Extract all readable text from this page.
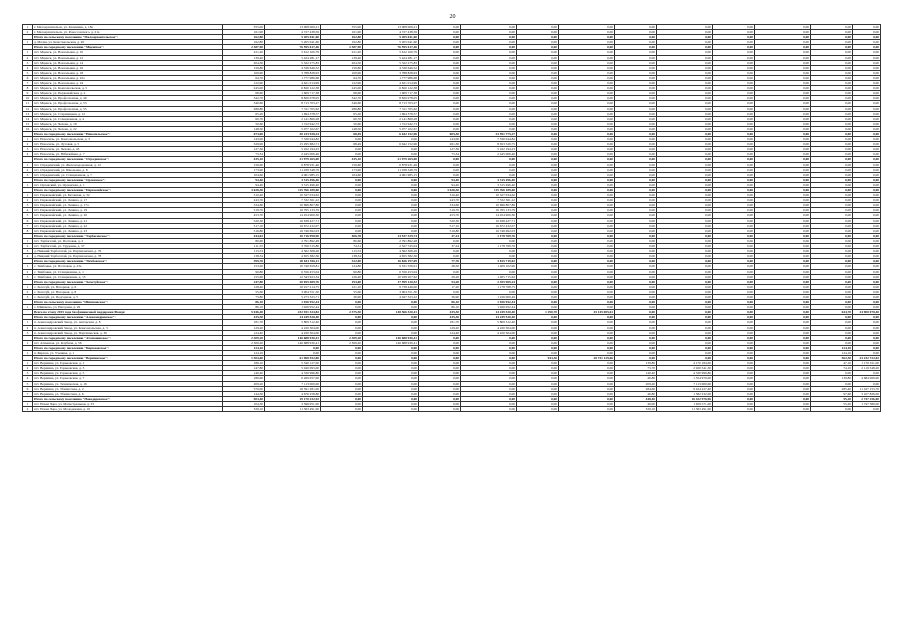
20
1	г. Малоархангельск, ул. Калинина, д. 18а	355,00	13 008 006,21	355,00	13 008 006,21	0,00	0,00	0,00	0,00	0,00	0,00	0,00	0,00	0,00	0,00
2	г. Малоархангельск, ул. Рокоссовского, д. 21а	161,90	4 727 438,59	161,90	4 727 438,59	0,00	0,00	0,00	0,00	0,00	0,00	0,00	0,00	0,00	0,00
	Итого по сельскому поселению "Малоархангельское":	162,80	5 205 041,60	162,80	5 205 041,60	0,00	0,00	0,00	0,00	0,00	0,00	0,00	0,00	0,00	0,00
1	д. Малая, ул. Комсомольская, д. 20	162,80	5 205 041,60	162,80	5 205 041,60	0,00	0,00	0,00	0,00	0,00	0,00	0,00	0,00	0,00	0,00
	Итого по городскому поселению "Мценское":	2 387,90	76 595 617,46	2 387,90	76 595 617,46	0,00	0,00	0,00	0,00	0,00	0,00	0,00	0,00	0,00	0,00
1	пгт. Мценск, ул. Вокзальная, д. 10	221,20	5 612 100,79	221,20	5 612 100,79	0,00	0,00	0,00	0,00	0,00	0,00	0,00	0,00	0,00	0,00
2	пгт. Мценск, ул. Вокзальная, д. 12	139,40	5 424 281,17	139,40	5 424 281,17	0,00	0,00	0,00	0,00	0,00	0,00	0,00	0,00	0,00	0,00
3	пгт. Мценск, ул. Вокзальная, д. 14	204,50	5 322 275,83	204,50	5 322 275,83	0,00	0,00	0,00	0,00	0,00	0,00	0,00	0,00	0,00	0,00
4	пгт. Мценск, ул. Вокзальная, д. 16	156,80	4 336 649,52	156,80	4 336 649,52	0,00	0,00	0,00	0,00	0,00	0,00	0,00	0,00	0,00	0,00
5	пгт. Мценск, ул. Вокзальная, д. 18	100,90	3 788 828,93	100,90	3 788 828,93	0,00	0,00	0,00	0,00	0,00	0,00	0,00	0,00	0,00	0,00
6	пгт. Мценск, ул. Вокзальная, д. 22а	64,70	1 777 986,68	64,70	1 777 986,68	0,00	0,00	0,00	0,00	0,00	0,00	0,00	0,00	0,00	0,00
7	пгт. Мценск, ул. Вокзальная, д. 24	122,90	4 621 014,99	122,90	4 621 014,99	0,00	0,00	0,00	0,00	0,00	0,00	0,00	0,00	0,00	0,00
8	пгт. Мценск, ул. Комсомольская, д. 5	245,00	6 820 122,38	245,00	6 820 122,38	0,00	0,00	0,00	0,00	0,00	0,00	0,00	0,00	0,00	0,00
9	пгт. Мценск, ул. Первомайская, д. 2	68,60	1 609 717,38	68,60	1 609 717,38	0,00	0,00	0,00	0,00	0,00	0,00	0,00	0,00	0,00	0,00
10	пгт. Мценск, ул. Профсоюзная, д. 49	342,70	8 820 078,05	342,70	8 820 078,05	0,00	0,00	0,00	0,00	0,00	0,00	0,00	0,00	0,00	0,00
11	пгт. Мценск, ул. Профсоюзная, д. 53	340,60	8 713 703,27	340,60	8 713 703,27	0,00	0,00	0,00	0,00	0,00	0,00	0,00	0,00	0,00	0,00
12	пгт. Мценск, ул. Профсоюзная, д. 55	286,80	7 311 705,62	286,80	7 311 705,62	0,00	0,00	0,00	0,00	0,00	0,00	0,00	0,00	0,00	0,00
13	пгт. Мценск, ул. Старинецкая, д. 12	65,20	1 694 378,57	65,20	1 694 378,57	0,00	0,00	0,00	0,00	0,00	0,00	0,00	0,00	0,00	0,00
14	пгт. Мценск, ул. Станционная, д. 4	60,70	2 141 869,28	60,70	2 141 869,28	0,00	0,00	0,00	0,00	0,00	0,00	0,00	0,00	0,00	0,00
15	пгт. Мценск, ул. Чехова, д. 18	50,60	1 722 942,73	50,60	1 722 942,73	0,00	0,00	0,00	0,00	0,00	0,00	0,00	0,00	0,00	0,00
16	пгт. Мценск, ул. Чехова, д. 22	148,50	5 077 102,67	148,50	5 077 102,67	0,00	0,00	0,00	0,00	0,00	0,00	0,00	0,00	0,00	0,00
	Итого по городскому поселению "Новосильское":	673,60	30 233 928,23	68,49	6 642 152,96	605,30	23 591 775,27	0,00	0,00	0,00	0,00	0,00	0,00	0,00	0,00
1	пгт. Новосиль, ул. Комсомольская, д. 3	143,00	7 330 044,82	0,00	0,00	143,00	7 330 044,82	0,00	0,00	0,00	0,00	0,00	0,00	0,00	0,00
2	пгт. Новосиль, ул. Луговая, д. 5	329,90	15 295 682,71	68,49	6 642 152,96	261,30	8 653 529,75	0,00	0,00	0,00	0,00	0,00	0,00	0,00	0,00
3	пгт. Новосиль, ул. Чехова, д. 43	127,36	5 162 194,23	0,00	0,00	127,36	5 162 194,23	0,00	0,00	0,00	0,00	0,00	0,00	0,00	0,00
4	пгт. Новосиль, ул. Юбилейная, д. 7	73,34	2 445 006,46	0,00	0,00	73,34	2 445 006,46	0,00	0,00	0,00	0,00	0,00	0,00	0,00	0,00
	Итого по городскому поселению "Отрадинское":	435,10	21 979 265,00	435,10	21 979 265,00	0,00	0,00	0,00	0,00	0,00	0,00	0,00	0,00	0,00	0,00
1	пгт. Отрадинский, ул. Железнодорожная, д. 12	156,60	6 878 931,46	156,60	6 878 931,46	0,00	0,00	0,00	0,00	0,00	0,00	0,00	0,00	0,00	0,00
2	пгт. Отрадинский, ул. Школьная, д. 8	173,90	11 038 348,79	173,90	11 038 348,79	0,00	0,00	0,00	0,00	0,00	0,00	0,00	0,00	0,00	0,00
3	пгт. Отрадинский, ул. Станционная, д. 7	104,60	4 061 985,15	104,60	4 061 985,15	0,00	0,00	0,00	0,00	0,00	0,00	0,00	0,00	0,00	0,00
	Итого по городскому поселению "Орловское":	94,40	3 315 496,40	0,00	0,00	94,40	3 315 496,40	0,00	0,00	0,00	0,00	0,00	0,00	0,00	0,00
1	пгт. Орловский, ул. Орловская, д. 1	94,40	3 315 496,40	0,00	0,00	94,40	3 315 496,40	0,00	0,00	0,00	0,00	0,00	0,00	0,00	0,00
	Итого по городскому поселению "Первомайское":	3 628,30	115 766 189,60	0,00	0,00	3 628,30	115 766 189,60	0,00	0,00	0,00	0,00	0,00	0,00	0,00	0,00
1	пгт. Первомайский, ул. Бетонная, д. 32	310,40	10 327 034,62	0,00	0,00	310,40	10 327 034,62	0,00	0,00	0,00	0,00	0,00	0,00	0,00	0,00
2	пгт. Первомайский, ул. Ленина, д. 17	243,70	7 532 361,22	0,00	0,00	243,70	7 532 361,22	0,00	0,00	0,00	0,00	0,00	0,00	0,00	0,00
3	пгт. Первомайский, ул. Ленина, д. 17а	334,60	10 696 807,86	0,00	0,00	334,60	10 696 807,86	0,00	0,00	0,00	0,00	0,00	0,00	0,00	0,00
4	пгт. Первомайский, ул. Ленина, д. 19	519,70	16 765 133,79	0,00	0,00	519,70	16 765 133,79	0,00	0,00	0,00	0,00	0,00	0,00	0,00	0,00
5	пгт. Первомайский, ул. Ленина, д. 20	453,70	14 454 900,30	0,00	0,00	453,70	14 454 900,30	0,00	0,00	0,00	0,00	0,00	0,00	0,00	0,00
6	пгт. Первомайский, ул. Ленина, д. 21	520,30	16 638 427,71	0,00	0,00	520,30	16 638 427,71	0,00	0,00	0,00	0,00	0,00	0,00	0,00	0,00
7	пгт. Первомайский, ул. Ленина, д. 22	517,10	16 672 432,07	0,00	0,00	517,10	16 672 432,07	0,00	0,00	0,00	0,00	0,00	0,00	0,00	0,00
8	пгт. Первомайский, ул. Ленина, д. 23	516,80	16 746 692,03	0,00	0,00	516,80	16 746 692,03	0,00	0,00	0,00	0,00	0,00	0,00	0,00	0,00
	Итого по городскому поселению "Тарбаговское":	444,02	16 716 098,90	406,78	14 537 329,74	37,24	1 178 769,76	0,00	0,00	0,00	0,00	0,00	0,00	0,00	0,00
1	пгт. Тарбагатай, ул. Почтовая, д. 2	80,60	2 791 892,48	80,60	2 791 892,48	0,00	0,00	0,00	0,00	0,00	0,00	0,00	0,00	0,00	0,00
2	пгт. Тарбагатай, ул. Трудовая, д. 37	111,55	3 706 515,80	74,31	2 527 745,04	37,24	1 178 769,76	0,00	0,00	0,00	0,00	0,00	0,00	0,00	0,00
3	д. Нижний Тарбагатай, ул. Партизанская, д. 76	113,53	4 562 308,26	113,53	4 562 308,26	0,00	0,00	0,00	0,00	0,00	0,00	0,00	0,00	0,00	0,00
4	д. Нижний Тарбагатай, ул. Партизанская, д. 78	138,34	4 655 382,36	138,34	4 655 382,36	0,00	0,00	0,00	0,00	0,00	0,00	0,00	0,00	0,00	0,00
	Итого по городскому поселению "Тимбовское":	399,70	20 641 916,11	322,00	16 826 197,09	77,70	3 815 719,02	0,00	0,00	0,00	0,00	0,00	0,00	0,00	0,00
1	с. Тимбовка, ул. Почтовая, д. 23а	153,20	10 740 659,81	124,80	9 331 556,91	28,50	1 409 102,90	0,00	0,00	0,00	0,00	0,00	0,00	0,00	0,00
2	с. Тимбовка, ул. Станционная, д. 1	90,80	6 556 453,04	90,80	6 556 453,04	0,00	0,00	0,00	0,00	0,00	0,00	0,00	0,00	0,00	0,00
3	с. Тимбовка, ул. Станционная, д. 13	155,60	12 343 923,34	126,40	10 938 207,62	29,20	1 405 715,62	0,00	0,00	0,00	0,00	0,00	0,00	0,00	0,00
	Итого по городскому поселению "Хохотуйское":	247,80	20 055 089,76	193,60	17 599 120,52	54,20	2 455 969,24	0,00	0,00	0,00	0,00	0,00	0,00	0,00	0,00
1	с. Хохотуй, ул. Нагорная, д. 6	128,40	10 917 214,75	121,10	9 738 446,00	17,20	1 178 768,75	0,00	0,00	0,00	0,00	0,00	0,00	0,00	0,00
2	с. Хохотуй, ул. Нагорная, д. 8	55,60	3 904 551,30	55,60	3 904 551,30	0,00	0,00	0,00	0,00	0,00	0,00	0,00	0,00	0,00	0,00
3	с. Хохотуй, ул. Подгорная, д. 5	73,80	5 273 323,71	36,90	4 047 323,22	36,90	1 226 000,49	0,00	0,00	0,00	0,00	0,00	0,00	0,00	0,00
	Итого по сельскому поселению "Шишковское":	86,10	1 926 952,44	0,00	0,00	86,10	1 926 952,44	0,00	0,00	0,00	0,00	0,00	0,00	0,00	0,00
1	с. Шишково, ул. Нагорная, д. 29	86,10	1 926 952,44	0,00	0,00	86,10	1 926 952,44	0,00	0,00	0,00	0,00	0,00	0,00	0,00	0,00
	Всего по этапу 2015 года без финансовой поддержки Фонда:	5 046,40	232 931 324,82	2 375,50	148 566 320,41	435,30	14 249 520,40	1 290,70	45 145 005,61	0,00	0,00	0,00	0,00	644,70	24 900 078,40
	Итого по городскому поселению "Александровское":	435,30	14 249 520,40	0,00	0,00	435,30	14 249 520,40	0,00	0,00	0,00	0,00	0,00	0,00	0,00	0,00
1	п. Александровский Завод, ул. Ангарская, д. 8	181,70	5 809 312,40	0,00	0,00	181,70	5 809 312,40	0,00	0,00	0,00	0,00	0,00	0,00	0,00	0,00
2	п. Александровский Завод, ул. Комсомольская, д. 3	129,20	4 220 304,00	0,00	0,00	129,20	4 220 304,00	0,00	0,00	0,00	0,00	0,00	0,00	0,00	0,00
3	п. Александровский Завод, ул. Партизанская, д. 36	124,40	4 220 304,00	0,00	0,00	124,40	4 220 304,00	0,00	0,00	0,00	0,00	0,00	0,00	0,00	0,00
	Итого по городскому поселению "Атамановское":	2 309,20	146 688 930,41	2 309,20	146 688 930,41	0,00	0,00	0,00	0,00	0,00	0,00	0,00	0,00	0,00	0,00
1	пгт. Атаманов, ул. Клубная, д. 56	2 309,20	146 688 930,41	2 309,20	146 688 930,41	0,00	0,00	0,00	0,00	0,00	0,00	0,00	0,00	0,00	0,00
	Итого по городскому поселению "Бирюзовское":	124,10	0,00	0,00	0,00	0,00	0,00	0,00	0,00	0,00	0,00	0,00	0,00	124,10	0,00
1	п. Бирюза, ул. Ученика, д. 1	124,10	0,00	0,00	0,00	0,00	0,00	0,00	0,00	0,00	0,00	0,00	0,00	124,10	0,00
	Итого по городскому поселению "Вершинское":	1 504,60	61 968 552,00	0,00	0,00	0,00	0,00	943,30	28 731 129,66	0,00	0,00	0,00	0,00	562,30	23 232 722,02
1	пгт. Вершина, ул. Горьковская, д. 1	186,10	5 340 127,00	0,00	0,00	0,00	0,00	0,00	0,00	139,80	4 170 184,00	0,00	0,00	47,10	1 170 011,00
2	пгт. Вершина, ул. Горьковская, д. 3	147,80	5 040 093,00	0,00	0,00	0,00	0,00	0,00	0,00	73,70	2 920 541,30	0,00	0,00	74,10	2 119 548,20
3	пгт. Вершина, ул. Горьковская, д. 5	140,40	4 330 996,80	0,00	0,00	0,00	0,00	0,00	0,00	140,40	4 330 996,80	0,00	0,00	0,00	0,00
4	пгт. Вершина, ул. Горьковская, д. 7	186,60	6 269 057,00	0,00	0,00	0,00	0,00	0,00	0,00	46,80	1 554 979,00	0,00	0,00	139,80	4 684 069,90
5	пгт. Вершина, ул. Техническая, д. 16	209,20	7 113 000,00	0,00	0,00	0,00	0,00	0,00	0,00	209,20	7 113 000,00	0,00	0,00	0,00	0,00
6	пгт. Вершина, ул. Тбилисская, д. 2	570,00	18 591 281,00	0,00	0,00	0,00	0,00	0,00	0,00	284,60	9 424 227,40	0,00	0,00	285,40	11 167 153,70
7	пгт. Вершина, ул. Тбилисская, д. 6	144,50	4 676 258,80	0,00	0,00	0,00	0,00	0,00	0,00	46,80	1 582 232,00	0,00	0,00	97,60	3 107 826,00
	Итого по сельскому поселению "Новодаровское":	503,40	19 170 232,92	0,00	0,00	0,00	0,00	0,00	0,00	448,40	16 422 976,96	0,00	0,00	55,20	2 747 256,00
1	пгт. Новая Чара, ул. Магистральная, д. 33	104,30	3 396 951,00	0,00	0,00	0,00	0,00	0,00	0,00	49,00	1 659 571,00	0,00	0,00	55,20	1 747 380,00
2	пгт. Новая Чара, ул. Молодежная, д. 10	329,10	11 363 491,00	0,00	0,00	0,00	0,00	0,00	0,00	329,10	11 363 491,00	0,00	0,00	0,00	0,00
